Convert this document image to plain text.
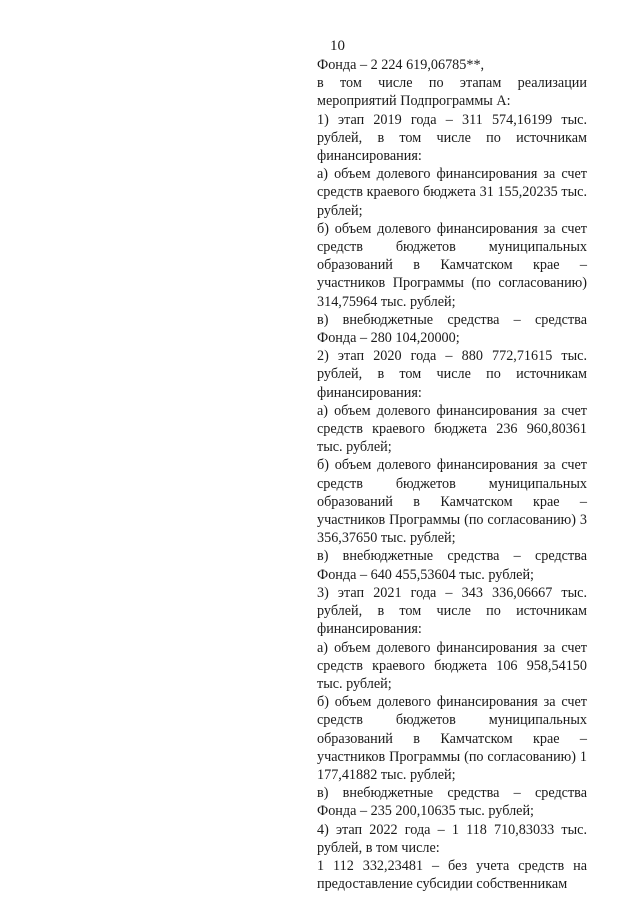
10

Фонда – 2 224 619,06785**,

в том числе по этапам реализации мероприятий Подпрограммы А:

1) этап 2019 года – 311 574,16199 тыс. рублей, в том числе по источникам финансирования:

а) объем долевого финансирования за счет средств краевого бюджета 31 155,20235 тыс. рублей;

б) объем долевого финансирования за счет средств бюджетов муниципальных образований в Камчатском крае – участников Программы (по согласованию) 314,75964 тыс. рублей;

в) внебюджетные средства – средства Фонда – 280 104,20000;

2) этап 2020 года – 880 772,71615 тыс. рублей, в том числе по источникам финансирования:

а) объем долевого финансирования за счет средств краевого бюджета 236 960,80361 тыс. рублей;

б) объем долевого финансирования за счет средств бюджетов муниципальных образований в Камчатском крае – участников Программы (по согласованию) 3 356,37650 тыс. рублей;

в) внебюджетные средства – средства Фонда – 640 455,53604 тыс. рублей;

3) этап 2021 года – 343 336,06667 тыс. рублей, в том числе по источникам финансирования:

а) объем долевого финансирования за счет средств краевого бюджета 106 958,54150 тыс. рублей;

б) объем долевого финансирования за счет средств бюджетов муниципальных образований в Камчатском крае – участников Программы (по согласованию) 1 177,41882 тыс. рублей;

в) внебюджетные средства – средства Фонда – 235 200,10635 тыс. рублей;

4) этап 2022 года – 1 118 710,83033 тыс. рублей, в том числе:

1 112 332,23481 – без учета средств на предоставление субсидии собственникам
